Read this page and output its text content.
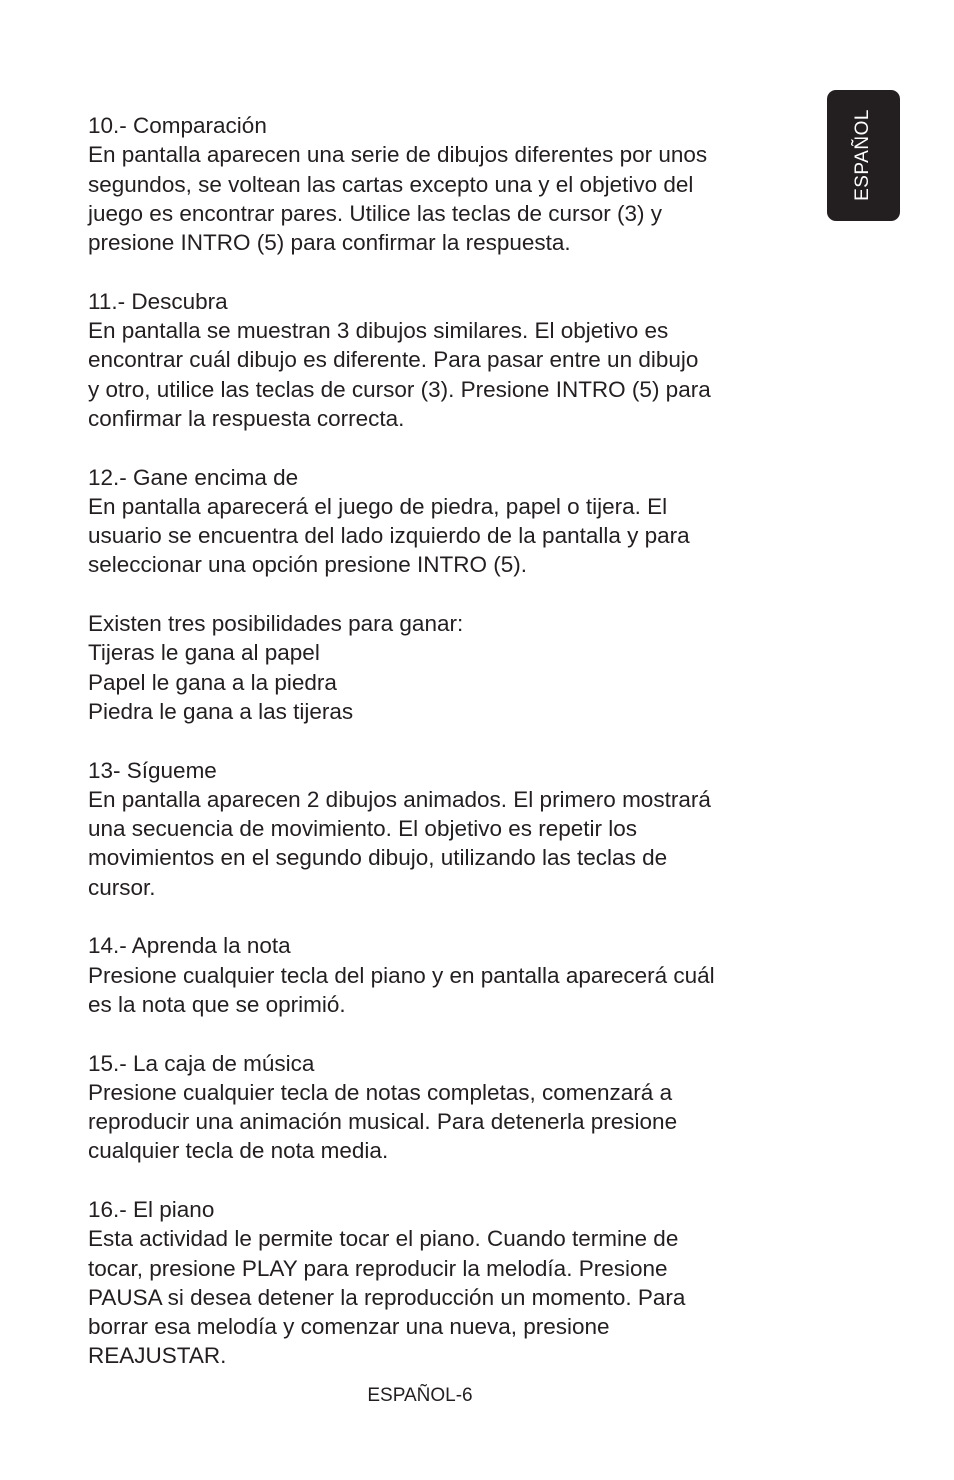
ESPAÑOL

10.- Comparación
En pantalla aparecen una serie de dibujos diferentes por unos
segundos, se voltean las cartas excepto una y el objetivo del
juego es encontrar pares. Utilice las teclas de cursor (3) y
presione INTRO (5) para confirmar la respuesta.

11.- Descubra
En pantalla se muestran 3 dibujos similares. El objetivo es
encontrar cuál dibujo es diferente. Para pasar entre un dibujo
y otro, utilice las teclas de cursor (3). Presione INTRO (5) para
confirmar la respuesta correcta.

12.- Gane encima de
En pantalla aparecerá el juego de piedra, papel o tijera. El
usuario se encuentra del lado izquierdo de la pantalla y para
seleccionar una opción presione INTRO (5).

Existen tres posibilidades para ganar:
Tijeras le gana al papel
Papel le gana a la piedra
Piedra le gana a las tijeras

13- Sígueme
En pantalla aparecen 2 dibujos animados. El primero mostrará
una secuencia de movimiento. El objetivo es repetir los
movimientos en el segundo dibujo, utilizando las teclas de
cursor.

14.- Aprenda la nota
Presione cualquier tecla del piano y en pantalla aparecerá cuál
es la nota que se oprimió.

15.- La caja de música
Presione cualquier tecla de notas completas, comenzará a
reproducir una animación musical. Para detenerla presione
cualquier tecla de nota media.

16.- El piano
Esta actividad le permite tocar el piano. Cuando termine de
tocar, presione PLAY para reproducir la melodía. Presione
PAUSA si desea detener la reproducción un momento. Para
borrar esa melodía y comenzar una nueva, presione
REAJUSTAR.

ESPAÑOL-6
